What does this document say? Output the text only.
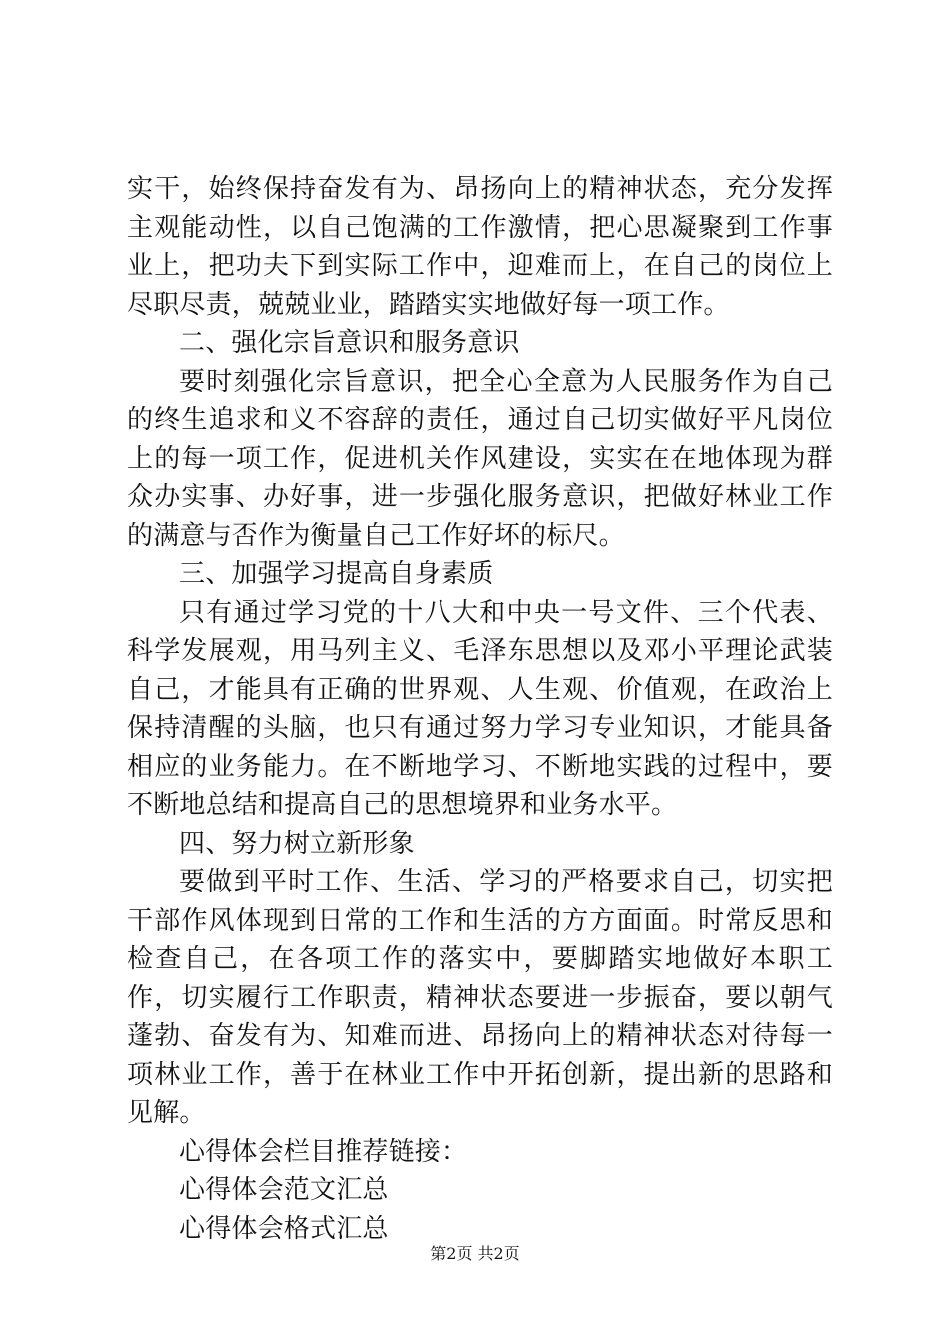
实干，始终保持奋发有为、昂扬向上的精神状态，充分发挥主观能动性，以自己饱满的工作激情，把心思凝聚到工作事业上，把功夫下到实际工作中，迎难而上，在自己的岗位上尽职尽责，兢兢业业，踏踏实实地做好每一项工作。

二、强化宗旨意识和服务意识

要时刻强化宗旨意识，把全心全意为人民服务作为自己的终生追求和义不容辞的责任，通过自己切实做好平凡岗位上的每一项工作，促进机关作风建设，实实在在地体现为群众办实事、办好事，进一步强化服务意识，把做好林业工作的满意与否作为衡量自己工作好坏的标尺。

三、加强学习提高自身素质

只有通过学习党的十八大和中央一号文件、三个代表、科学发展观，用马列主义、毛泽东思想以及邓小平理论武装自己，才能具有正确的世界观、人生观、价值观，在政治上保持清醒的头脑，也只有通过努力学习专业知识，才能具备相应的业务能力。在不断地学习、不断地实践的过程中，要不断地总结和提高自己的思想境界和业务水平。

四、努力树立新形象

要做到平时工作、生活、学习的严格要求自己，切实把干部作风体现到日常的工作和生活的方方面面。时常反思和检查自己，在各项工作的落实中，要脚踏实地做好本职工作，切实履行工作职责，精神状态要进一步振奋，要以朝气蓬勃、奋发有为、知难而进、昂扬向上的精神状态对待每一项林业工作，善于在林业工作中开拓创新，提出新的思路和见解。

心得体会栏目推荐链接：

心得体会范文汇总

心得体会格式汇总

第2页 共2页
